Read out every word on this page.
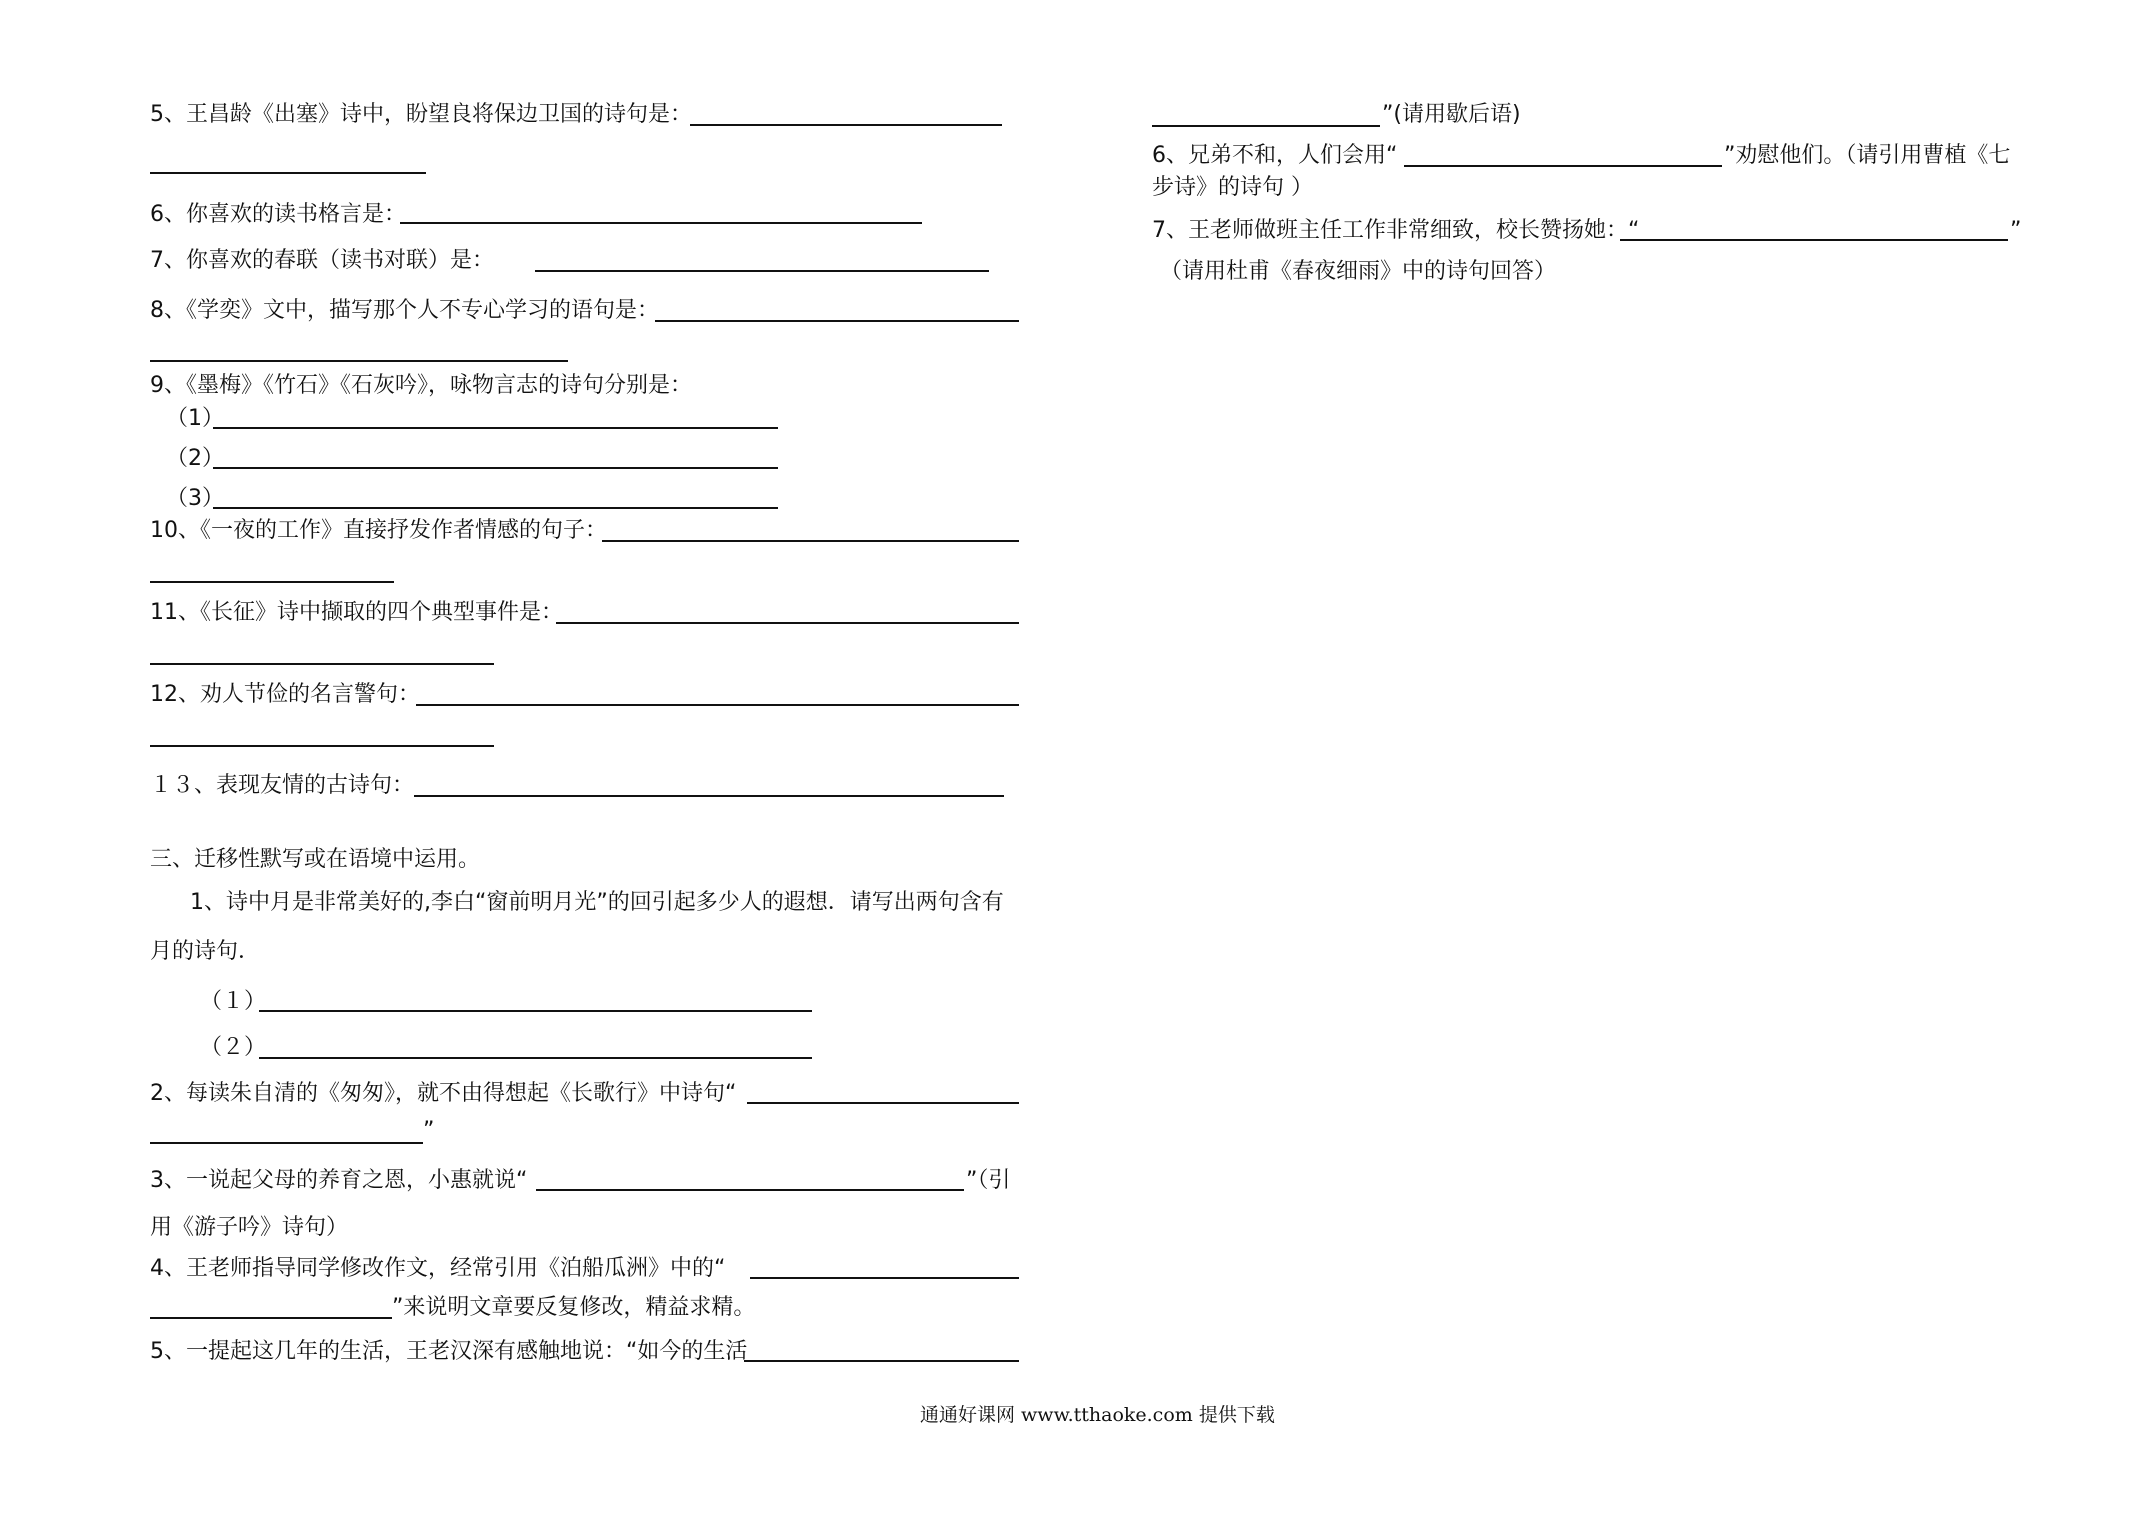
5、王昌龄《出塞》诗中，盼望良将保边卫国的诗句是：
6、你喜欢的读书格言是：
7、你喜欢的春联（读书对联）是：
8、《学奕》文中，描写那个人不专心学习的语句是：
9、《墨梅》《竹石》《石灰吟》，咏物言志的诗句分别是：
（1）
（2）
（3）
10、《一夜的工作》直接抒发作者情感的句子：
11、《长征》诗中撷取的四个典型事件是：
12、劝人节俭的名言警句：
１３、表现友情的古诗句：
三、迁移性默写或在语境中运用。
1、诗中月是非常美好的,李白“窗前明月光”的回引起多少人的遐想．请写出两句含有
月的诗句．
（１）
（２）
2、每读朱自清的《匆匆》，就不由得想起《长歌行》中诗句“
”
3、一说起父母的养育之恩，小惠就说“	”（引
用《游子吟》诗句）
4、王老师指导同学修改作文，经常引用《泊船瓜洲》中的“
”来说明文章要反复修改，精益求精。
5、一提起这几年的生活，王老汉深有感触地说：“如今的生活
”(请用歇后语)
6、兄弟不和，人们会用“	”劝慰他们。（请引用曹植《七
步诗》的诗句 ）
7、王老师做班主任工作非常细致，校长赞扬她：“	”
（请用杜甫《春夜细雨》中的诗句回答）
通通好课网 www.tthaoke.com 提供下载
